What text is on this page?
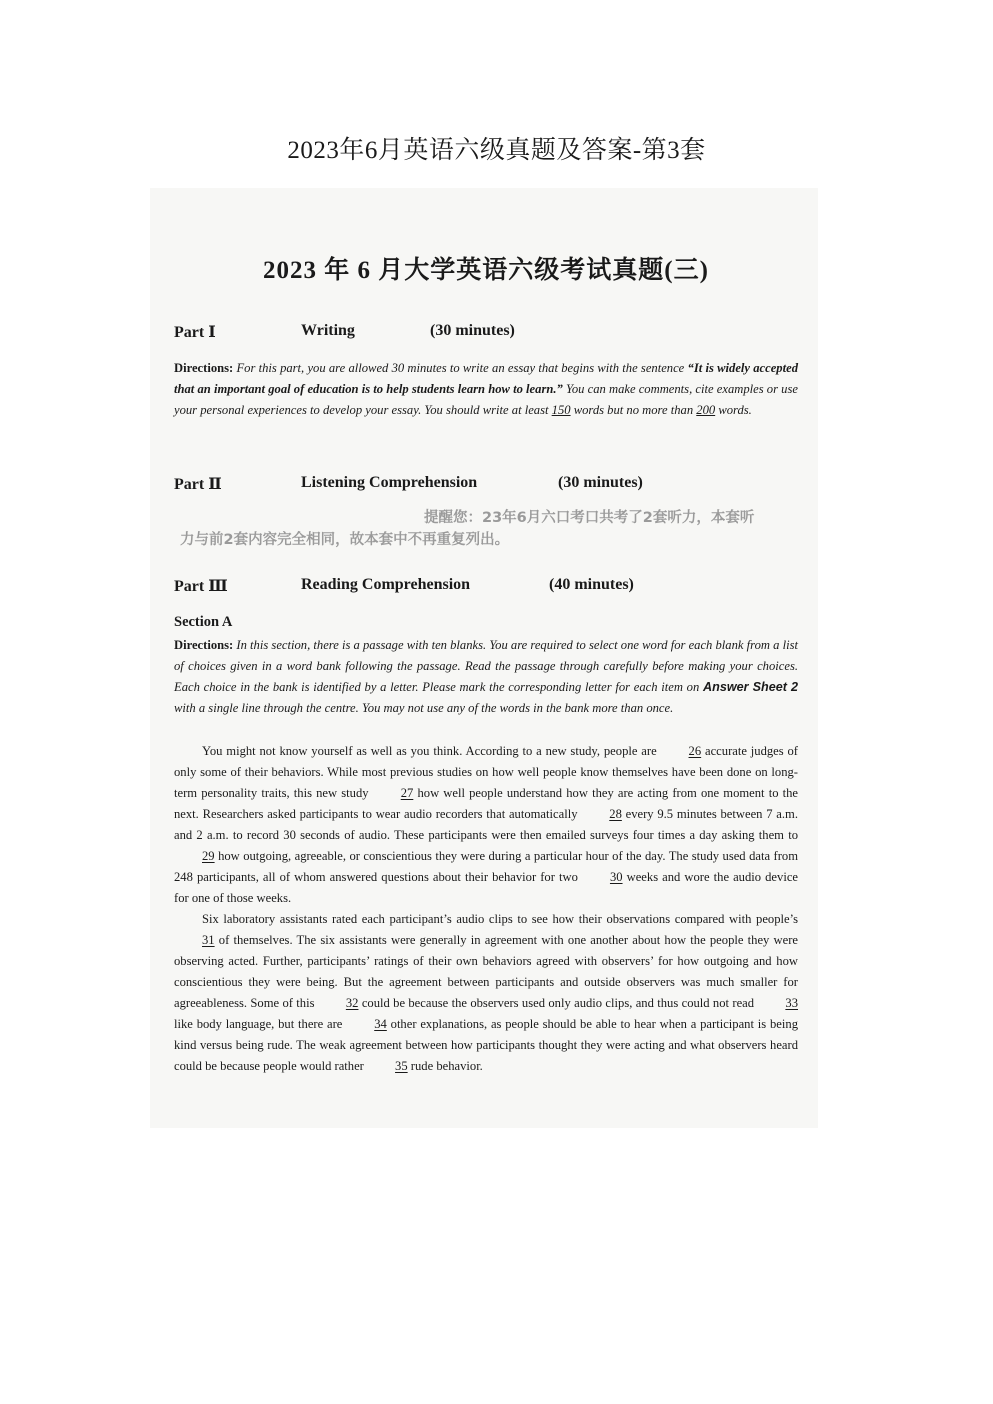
2023年6月英语六级真题及答案-第3套
2023 年 6 月大学英语六级考试真题(三)
Part Ⅰ	Writing	(30 minutes)
Directions: For this part, you are allowed 30 minutes to write an essay that begins with the sentence “It is widely accepted that an important goal of education is to help students learn how to learn.” You can make comments, cite examples or use your personal experiences to develop your essay. You should write at least 150 words but no more than 200 words.
Part Ⅱ	Listening Comprehension	(30 minutes)
提醒您：23年6月六口考口共考了2套听力，本套听
力与前2套内容完全相同，故本套中不再重复列出。
Part Ⅲ	Reading Comprehension	(40 minutes)
Section A
Directions: In this section, there is a passage with ten blanks. You are required to select one word for each blank from a list of choices given in a word bank following the passage. Read the passage through carefully before making your choices. Each choice in the bank is identified by a letter. Please mark the corresponding letter for each item on Answer Sheet 2 with a single line through the centre. You may not use any of the words in the bank more than once.

You might not know yourself as well as you think. According to a new study, people are	26 accurate judges of only some of their behaviors. While most previous studies on how well people know themselves have been done on long-term personality traits, this new study	27 how well people understand how they are acting from one moment to the next. Researchers asked participants to wear audio recorders that automatically	28 every 9.5 minutes between 7 a.m. and 2 a.m. to record 30 seconds of audio. These participants were then emailed surveys four times a day asking them to 29 how outgoing, agreeable, or conscientious they were during a particular hour of the day. The study used data from 248 participants, all of whom answered questions about their behavior for two	30 weeks and wore the audio device for one of those weeks.

Six laboratory assistants rated each participant’s audio clips to see how their observations compared with people’s 31 of themselves. The six assistants were generally in agreement with one another about how the people they were observing acted. Further, participants’ ratings of their own behaviors agreed with observers’ for how outgoing and how conscientious they were being. But the agreement between participants and outside observers was much smaller for agreeableness. Some of this 32 could be because the observers used only audio clips, and thus could not read 33 like body language, but there are	34 other explanations, as people should be able to hear when a participant is being kind versus being rude. The weak agreement between how participants thought they were acting and what observers heard could be because people would rather 35 rude behavior.
